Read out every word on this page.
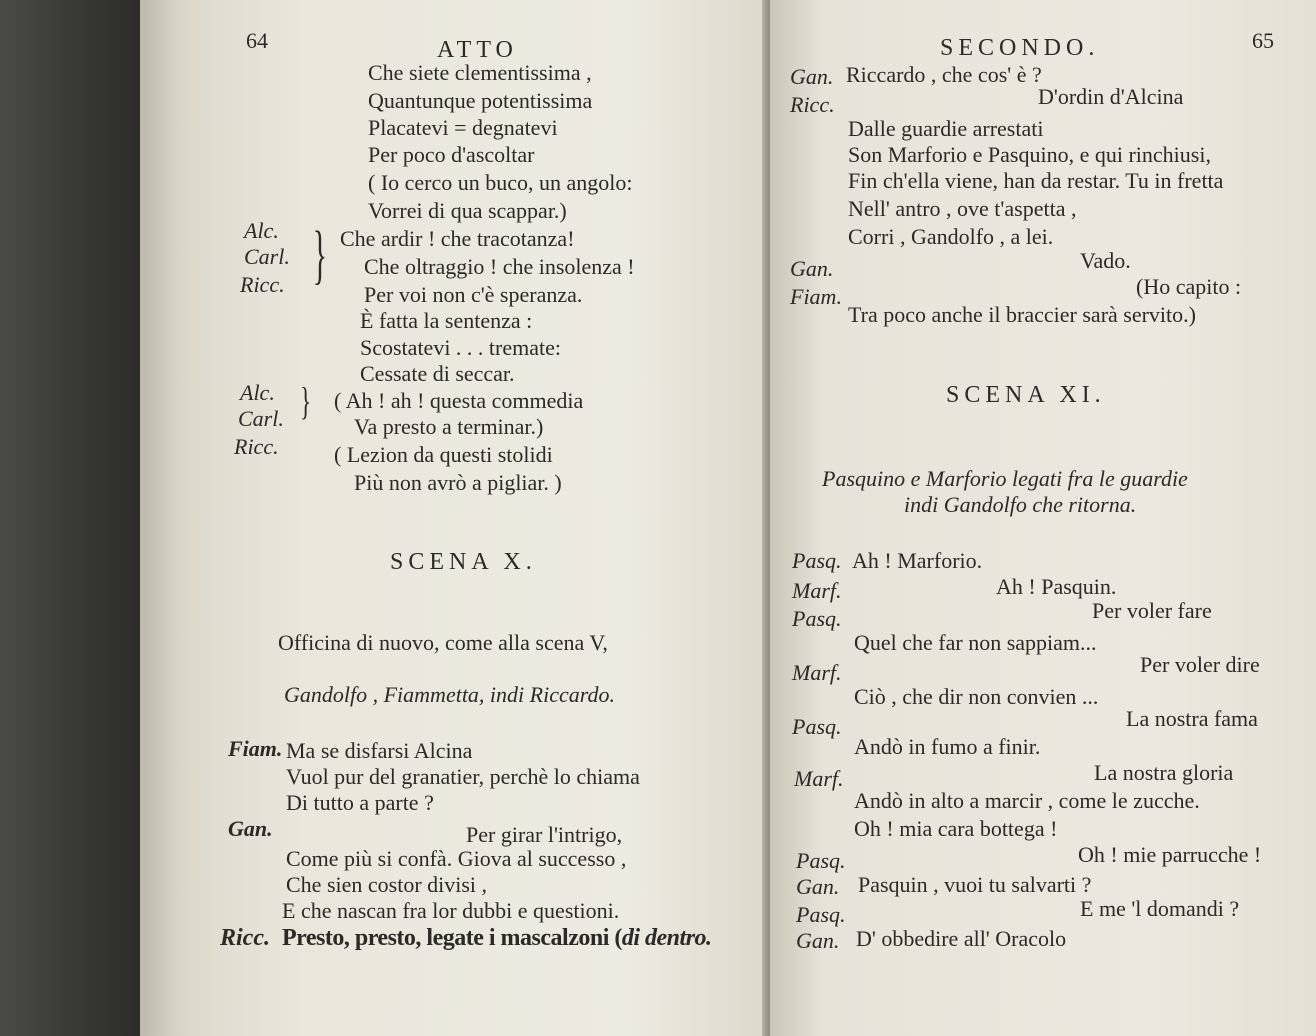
64	ATTO
Che siete clementissima ,
Quantunque potentissima
Placatevi = degnatevi
Per poco d'ascoltar
( Io cerco un buco, un angolo:
Vorrei di qua scappar.)
Alc.
Carl.
Ricc. } Che ardir ! che tracotanza!
Che oltraggio ! che insolenza !
Per voi non c'è speranza.
È fatta la sentenza :
Scostatevi . . . tremate:
Cessate di seccar.
Alc.
Carl.
Ricc.
} ( Ah ! ah ! questa commedia
Va presto a terminar.)
( Lezion da questi stolidi
Più non avrò a pigliar. )
SCENA X.
Officina di nuovo, come alla scena V,
Gandolfo , Fiammetta, indi Riccardo.
Fiam. Ma se disfarsi Alcina
Vuol pur del granatier, perchè lo chiama
Di tutto a parte ?
Gan.	Per girar l'intrigo,
Come più si confà. Giova al successo ,
Che sien costor divisi ,
E che nascan fra lor dubbi e questioni.
Ricc. Presto, presto, legate i mascalzoni (di dentro.
SECONDO.	65
Gan. Riccardo , che cos' è ?
Ricc.	D'ordin d'Alcina
Dalle guardie arrestati
Son Marforio e Pasquino, e qui rinchiusi,
Fin ch'ella viene, han da restar. Tu in fretta
Nell' antro , ove t'aspetta ,
Corri , Gandolfo , a lei.
Gan.	Vado.
Fiam.	(Ho capito :
Tra poco anche il braccier sarà servito.)
SCENA XI.
Pasquino e Marforio legati fra le guardie
indi Gandolfo che ritorna.
Pasq. Ah ! Marforio.
Marf.	Ah ! Pasquin.
Pasq.	Per voler fare
Quel che far non sappiam...
Marf.	Per voler dire
Ciò , che dir non convien ...
Pasq.	La nostra fama
Andò in fumo a finir.
Marf.	La nostra gloria
Andò in alto a marcir , come le zucche.
Oh ! mia cara bottega !
Pasq.	Oh ! mie parrucche !
Gan. Pasquin , vuoi tu salvarti ?
Pasq.	E me 'l domandi ?
Gan. D' obbedire all' Oracolo
